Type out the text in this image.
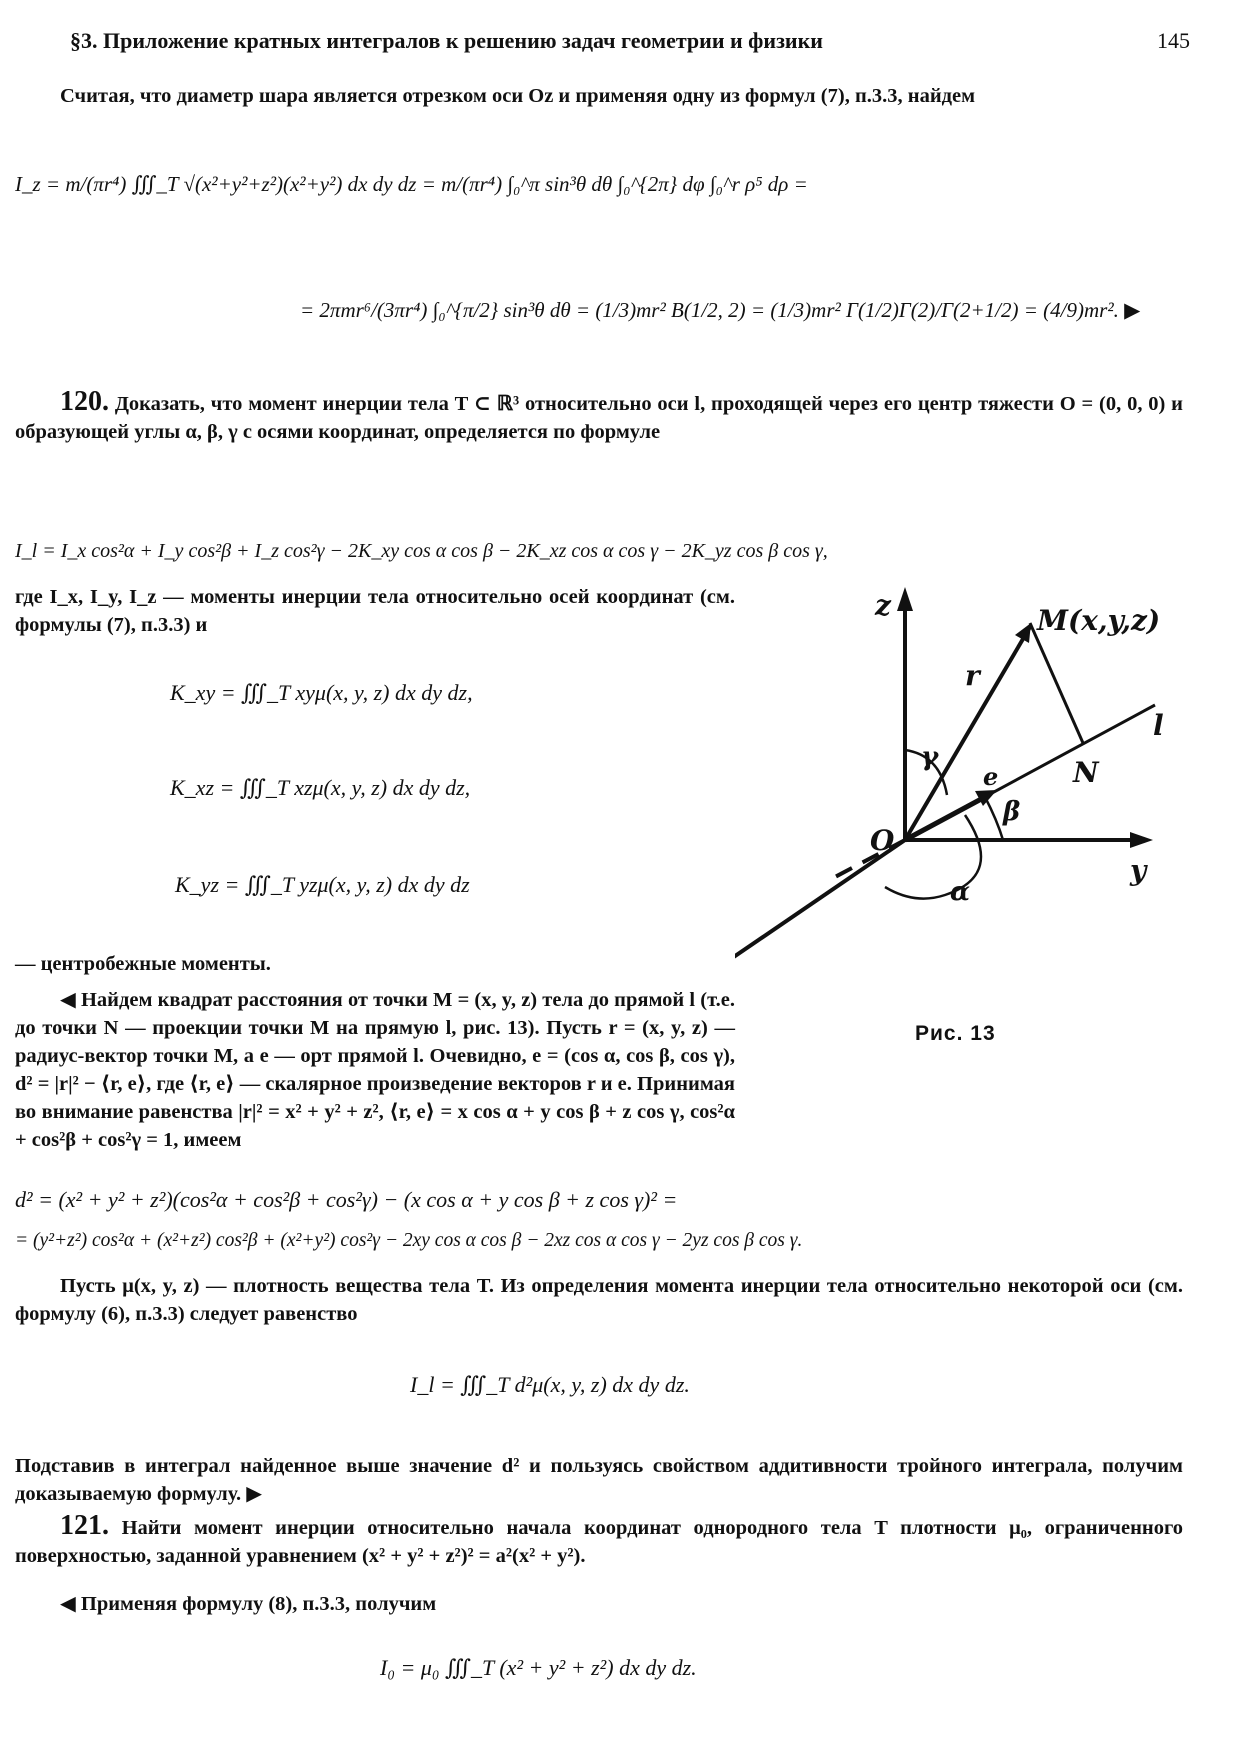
§3. Приложение кратных интегралов к решению задач геометрии и физики	145
Считая, что диаметр шара является отрезком оси Oz и применяя одну из формул (7), п.3.3, найдем
I_z = m/(πr⁴) ∭_T √(x²+y²+z²)(x²+y²) dx dy dz = m/(πr⁴) ∫₀^π sin³θ dθ ∫₀^{2π} dφ ∫₀^r ρ⁵ dρ =
= 2πmr⁶/(3πr⁴) ∫₀^{π/2} sin³θ dθ = (1/3)mr² B(1/2, 2) = (1/3)mr² Γ(1/2)Γ(2)/Γ(2+1/2) = (4/9)mr². ▶
120. Доказать, что момент инерции тела T ⊂ ℝ³ относительно оси l, проходящей через его центр тяжести O = (0, 0, 0) и образующей углы α, β, γ с осями координат, определяется по формуле
I_l = I_x cos²α + I_y cos²β + I_z cos²γ − 2K_xy cos α cos β − 2K_xz cos α cos γ − 2K_yz cos β cos γ,
где I_x, I_y, I_z — моменты инерции тела относительно осей координат (см. формулы (7), п.3.3) и
K_xy = ∭_T xyμ(x, y, z) dx dy dz,
K_xz = ∭_T xzμ(x, y, z) dx dy dz,
K_yz = ∭_T yzμ(x, y, z) dx dy dz
— центробежные моменты.
◀ Найдем квадрат расстояния от точки M = (x, y, z) тела до прямой l (т.е. до точки N — проекции точки M на прямую l, рис. 13). Пусть r = (x, y, z) — радиус-вектор точки M, а e — орт прямой l. Очевидно, e = (cos α, cos β, cos γ), d² = |r|² − ⟨r, e⟩, где ⟨r, e⟩ — скалярное произведение векторов r и e. Принимая во внимание равенства |r|² = x² + y² + z², ⟨r, e⟩ = x cos α + y cos β + z cos γ, cos²α + cos²β + cos²γ = 1, имеем
d² = (x² + y² + z²)(cos²α + cos²β + cos²γ) − (x cos α + y cos β + z cos γ)² =
= (y²+z²) cos²α + (x²+z²) cos²β + (x²+y²) cos²γ − 2xy cos α cos β − 2xz cos α cos γ − 2yz cos β cos γ.
Пусть μ(x, y, z) — плотность вещества тела T. Из определения момента инерции тела относительно некоторой оси (см. формулу (6), п.3.3) следует равенство
I_l = ∭_T d²μ(x, y, z) dx dy dz.
Подставив в интеграл найденное выше значение d² и пользуясь свойством аддитивности тройного интеграла, получим доказываемую формулу. ▶
121. Найти момент инерции относительно начала координат однородного тела T плотности μ₀, ограниченного поверхностью, заданной уравнением (x² + y² + z²)² = a²(x² + y²).
◀ Применяя формулу (8), п.3.3, получим
I₀ = μ₀ ∭_T (x² + y² + z²) dx dy dz.
z
y
O
M(x,y,z)
N
l
r
e
α
β
γ
Рис. 13
